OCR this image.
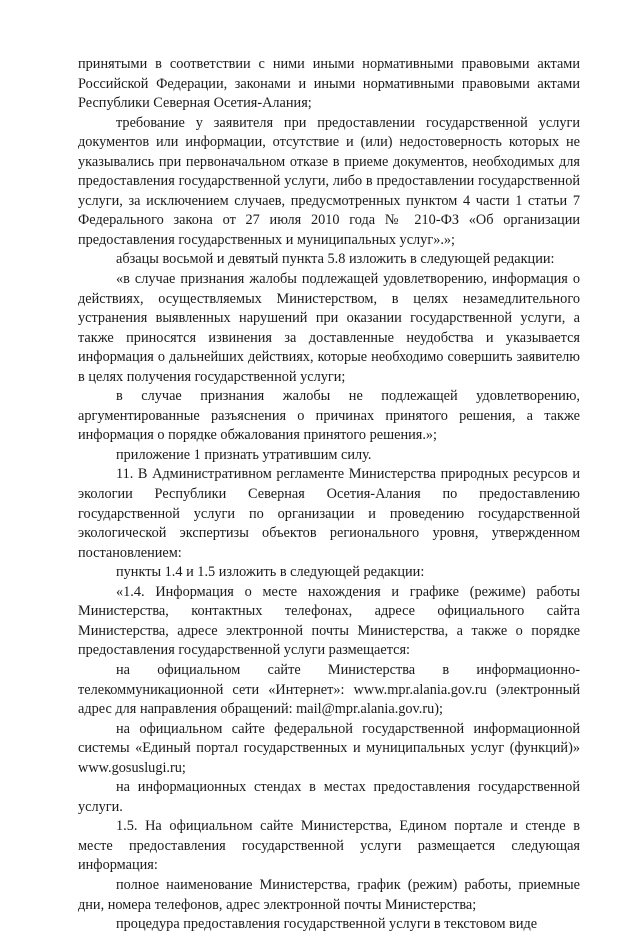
принятыми в соответствии с ними иными нормативными правовыми актами Российской Федерации, законами и иными нормативными правовыми актами Республики Северная Осетия-Алания;

требование у заявителя при предоставлении государственной услуги документов или информации, отсутствие и (или) недостоверность которых не указывались при первоначальном отказе в приеме документов, необходимых для предоставления государственной услуги, либо в предоставлении государственной услуги, за исключением случаев, предусмотренных пунктом 4 части 1 статьи 7 Федерального закона от 27 июля 2010 года № 210-ФЗ «Об организации предоставления государственных и муниципальных услуг».»;

абзацы восьмой и девятый пункта 5.8 изложить в следующей редакции:

«в случае признания жалобы подлежащей удовлетворению, информация о действиях, осуществляемых Министерством, в целях незамедлительного устранения выявленных нарушений при оказании государственной услуги, а также приносятся извинения за доставленные неудобства и указывается информация о дальнейших действиях, которые необходимо совершить заявителю в целях получения государственной услуги;

в случае признания жалобы не подлежащей удовлетворению, аргументированные разъяснения о причинах принятого решения, а также информация о порядке обжалования принятого решения.»;

приложение 1 признать утратившим силу.

11. В Административном регламенте Министерства природных ресурсов и экологии Республики Северная Осетия-Алания по предоставлению государственной услуги по организации и проведению государственной экологической экспертизы объектов регионального уровня, утвержденном постановлением:

пункты 1.4 и 1.5 изложить в следующей редакции:

«1.4. Информация о месте нахождения и графике (режиме) работы Министерства, контактных телефонах, адресе официального сайта Министерства, адресе электронной почты Министерства, а также о порядке предоставления государственной услуги размещается:

на официальном сайте Министерства в информационно-телекоммуникационной сети «Интернет»: www.mpr.alania.gov.ru (электронный адрес для направления обращений: mail@mpr.alania.gov.ru);

на официальном сайте федеральной государственной информационной системы «Единый портал государственных и муниципальных услуг (функций)» www.gosuslugi.ru;

на информационных стендах в местах предоставления государственной услуги.

1.5. На официальном сайте Министерства, Едином портале и стенде в месте предоставления государственной услуги размещается следующая информация:

полное наименование Министерства, график (режим) работы, приемные дни, номера телефонов, адрес электронной почты Министерства;

процедура предоставления государственной услуги в текстовом виде
